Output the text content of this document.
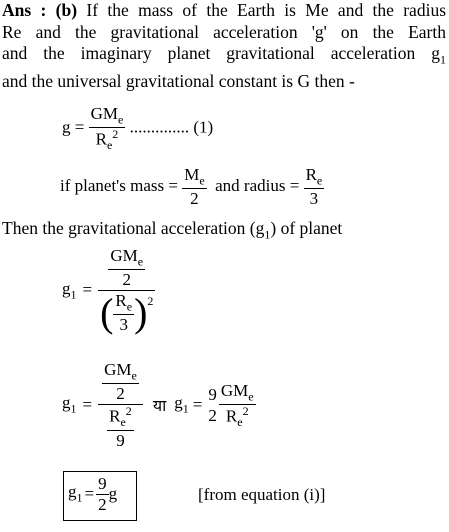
Ans : (b) If the mass of the Earth is Me and the radius
Re and the gravitational acceleration 'g' on the Earth
and the imaginary planet gravitational acceleration $g_1$
and the universal gravitational constant is G then -
$g = \frac{GM_e}{R_e^2}$ .............. (1)
if planet's mass = $\frac{M_e}{2}$ and radius = $\frac{R_e}{3}$
Then the gravitational acceleration $(g_1)$ of planet
$g_1 = \frac{\frac{GM_e}{2}}{( \frac{R_e}{3} )^2}$
$g_1 = \frac{\frac{GM_e}{2}}{\frac{R_e^2}{9}}$ या $g_1$ =
9
$2 \frac{GM_e}{R_e^2}$
$g_1 = \frac{9}{2}$ g	[from equation (i)]
